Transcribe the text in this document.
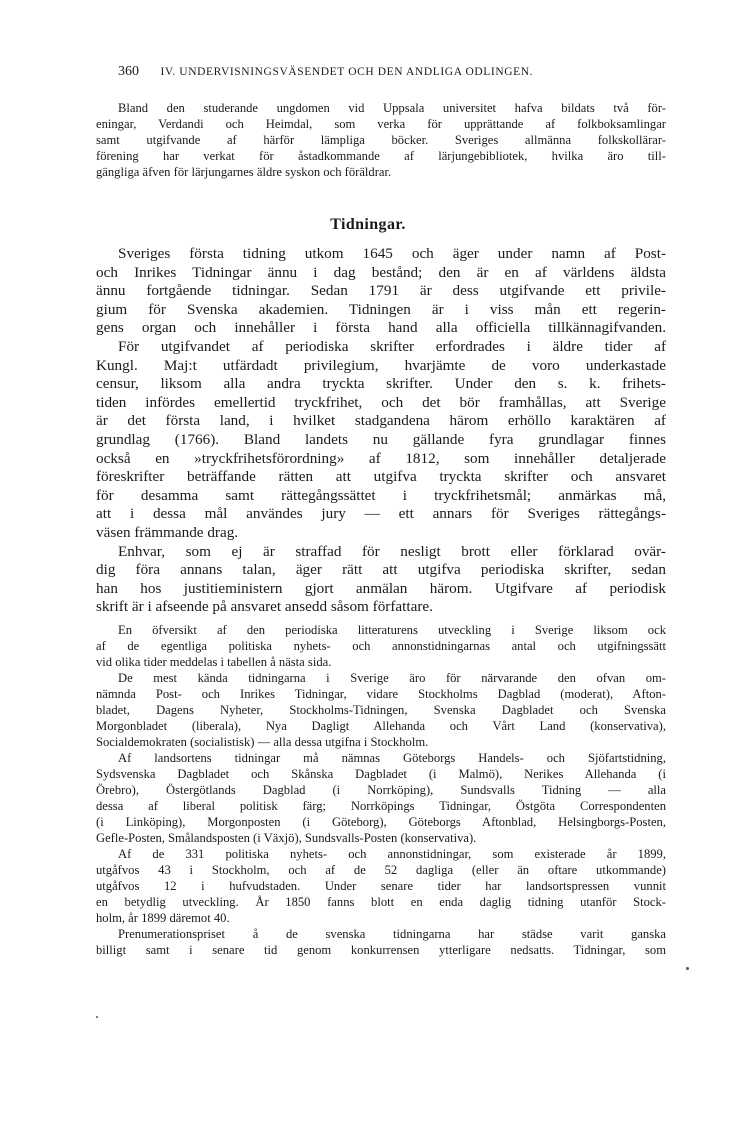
360 IV. UNDERVISNINGSVÄSENDET OCH DEN ANDLIGA ODLINGEN.
Bland den studerande ungdomen vid Uppsala universitet hafva bildats två för-
eningar, Verdandi och Heimdal, som verka för upprättande af folkboksamlingar
samt utgifvande af härför lämpliga böcker. Sveriges allmänna folkskollärar-
förening har verkat för åstadkommande af lärjungebibliotek, hvilka äro till-
gängliga äfven för lärjungarnes äldre syskon och föräldrar.
Tidningar.
Sveriges första tidning utkom 1645 och äger under namn af Post-
och Inrikes Tidningar ännu i dag bestånd; den är en af världens äldsta
ännu fortgående tidningar. Sedan 1791 är dess utgifvande ett privile-
gium för Svenska akademien. Tidningen är i viss mån ett regerin-
gens organ och innehåller i första hand alla officiella tillkännagifvanden.
För utgifvandet af periodiska skrifter erfordrades i äldre tider af
Kungl. Maj:t utfärdadt privilegium, hvarjämte de voro underkastade
censur, liksom alla andra tryckta skrifter. Under den s. k. frihets-
tiden infördes emellertid tryckfrihet, och det bör framhållas, att Sverige
är det första land, i hvilket stadgandena härom erhöllo karaktären af
grundlag (1766). Bland landets nu gällande fyra grundlagar finnes
också en »tryckfrihetsförordning» af 1812, som innehåller detaljerade
föreskrifter beträffande rätten att utgifva tryckta skrifter och ansvaret
för desamma samt rättegångssättet i tryckfrihetsmål; anmärkas må,
att i dessa mål användes jury — ett annars för Sveriges rättegångs-
väsen främmande drag.
Enhvar, som ej är straffad för nesligt brott eller förklarad ovär-
dig föra annans talan, äger rätt att utgifva periodiska skrifter, sedan
han hos justitieministern gjort anmälan härom. Utgifvare af periodisk
skrift är i afseende på ansvaret ansedd såsom författare.
En öfversikt af den periodiska litteraturens utveckling i Sverige liksom ock
af de egentliga politiska nyhets- och annonstidningarnas antal och utgifningssätt
vid olika tider meddelas i tabellen å nästa sida.
De mest kända tidningarna i Sverige äro för närvarande den ofvan om-
nämnda Post- och Inrikes Tidningar, vidare Stockholms Dagblad (moderat), Afton-
bladet, Dagens Nyheter, Stockholms-Tidningen, Svenska Dagbladet och Svenska
Morgonbladet (liberala), Nya Dagligt Allehanda och Vårt Land (konservativa),
Socialdemokraten (socialistisk) — alla dessa utgifna i Stockholm.
Af landsortens tidningar må nämnas Göteborgs Handels- och Sjöfartstidning,
Sydsvenska Dagbladet och Skånska Dagbladet (i Malmö), Nerikes Allehanda (i
Örebro), Östergötlands Dagblad (i Norrköping), Sundsvalls Tidning — alla
dessa af liberal politisk färg; Norrköpings Tidningar, Östgöta Correspondenten
(i Linköping), Morgonposten (i Göteborg), Göteborgs Aftonblad, Helsingborgs-Posten,
Gefle-Posten, Smålandsposten (i Växjö), Sundsvalls-Posten (konservativa).
Af de 331 politiska nyhets- och annonstidningar, som existerade år 1899,
utgåfvos 43 i Stockholm, och af de 52 dagliga (eller än oftare utkommande)
utgåfvos 12 i hufvudstaden. Under senare tider har landsortspressen vunnit
en betydlig utveckling. År 1850 fanns blott en enda daglig tidning utanför Stock-
holm, år 1899 däremot 40.
Prenumerationspriset å de svenska tidningarna har städse varit ganska
billigt samt i senare tid genom konkurrensen ytterligare nedsatts. Tidningar, som
